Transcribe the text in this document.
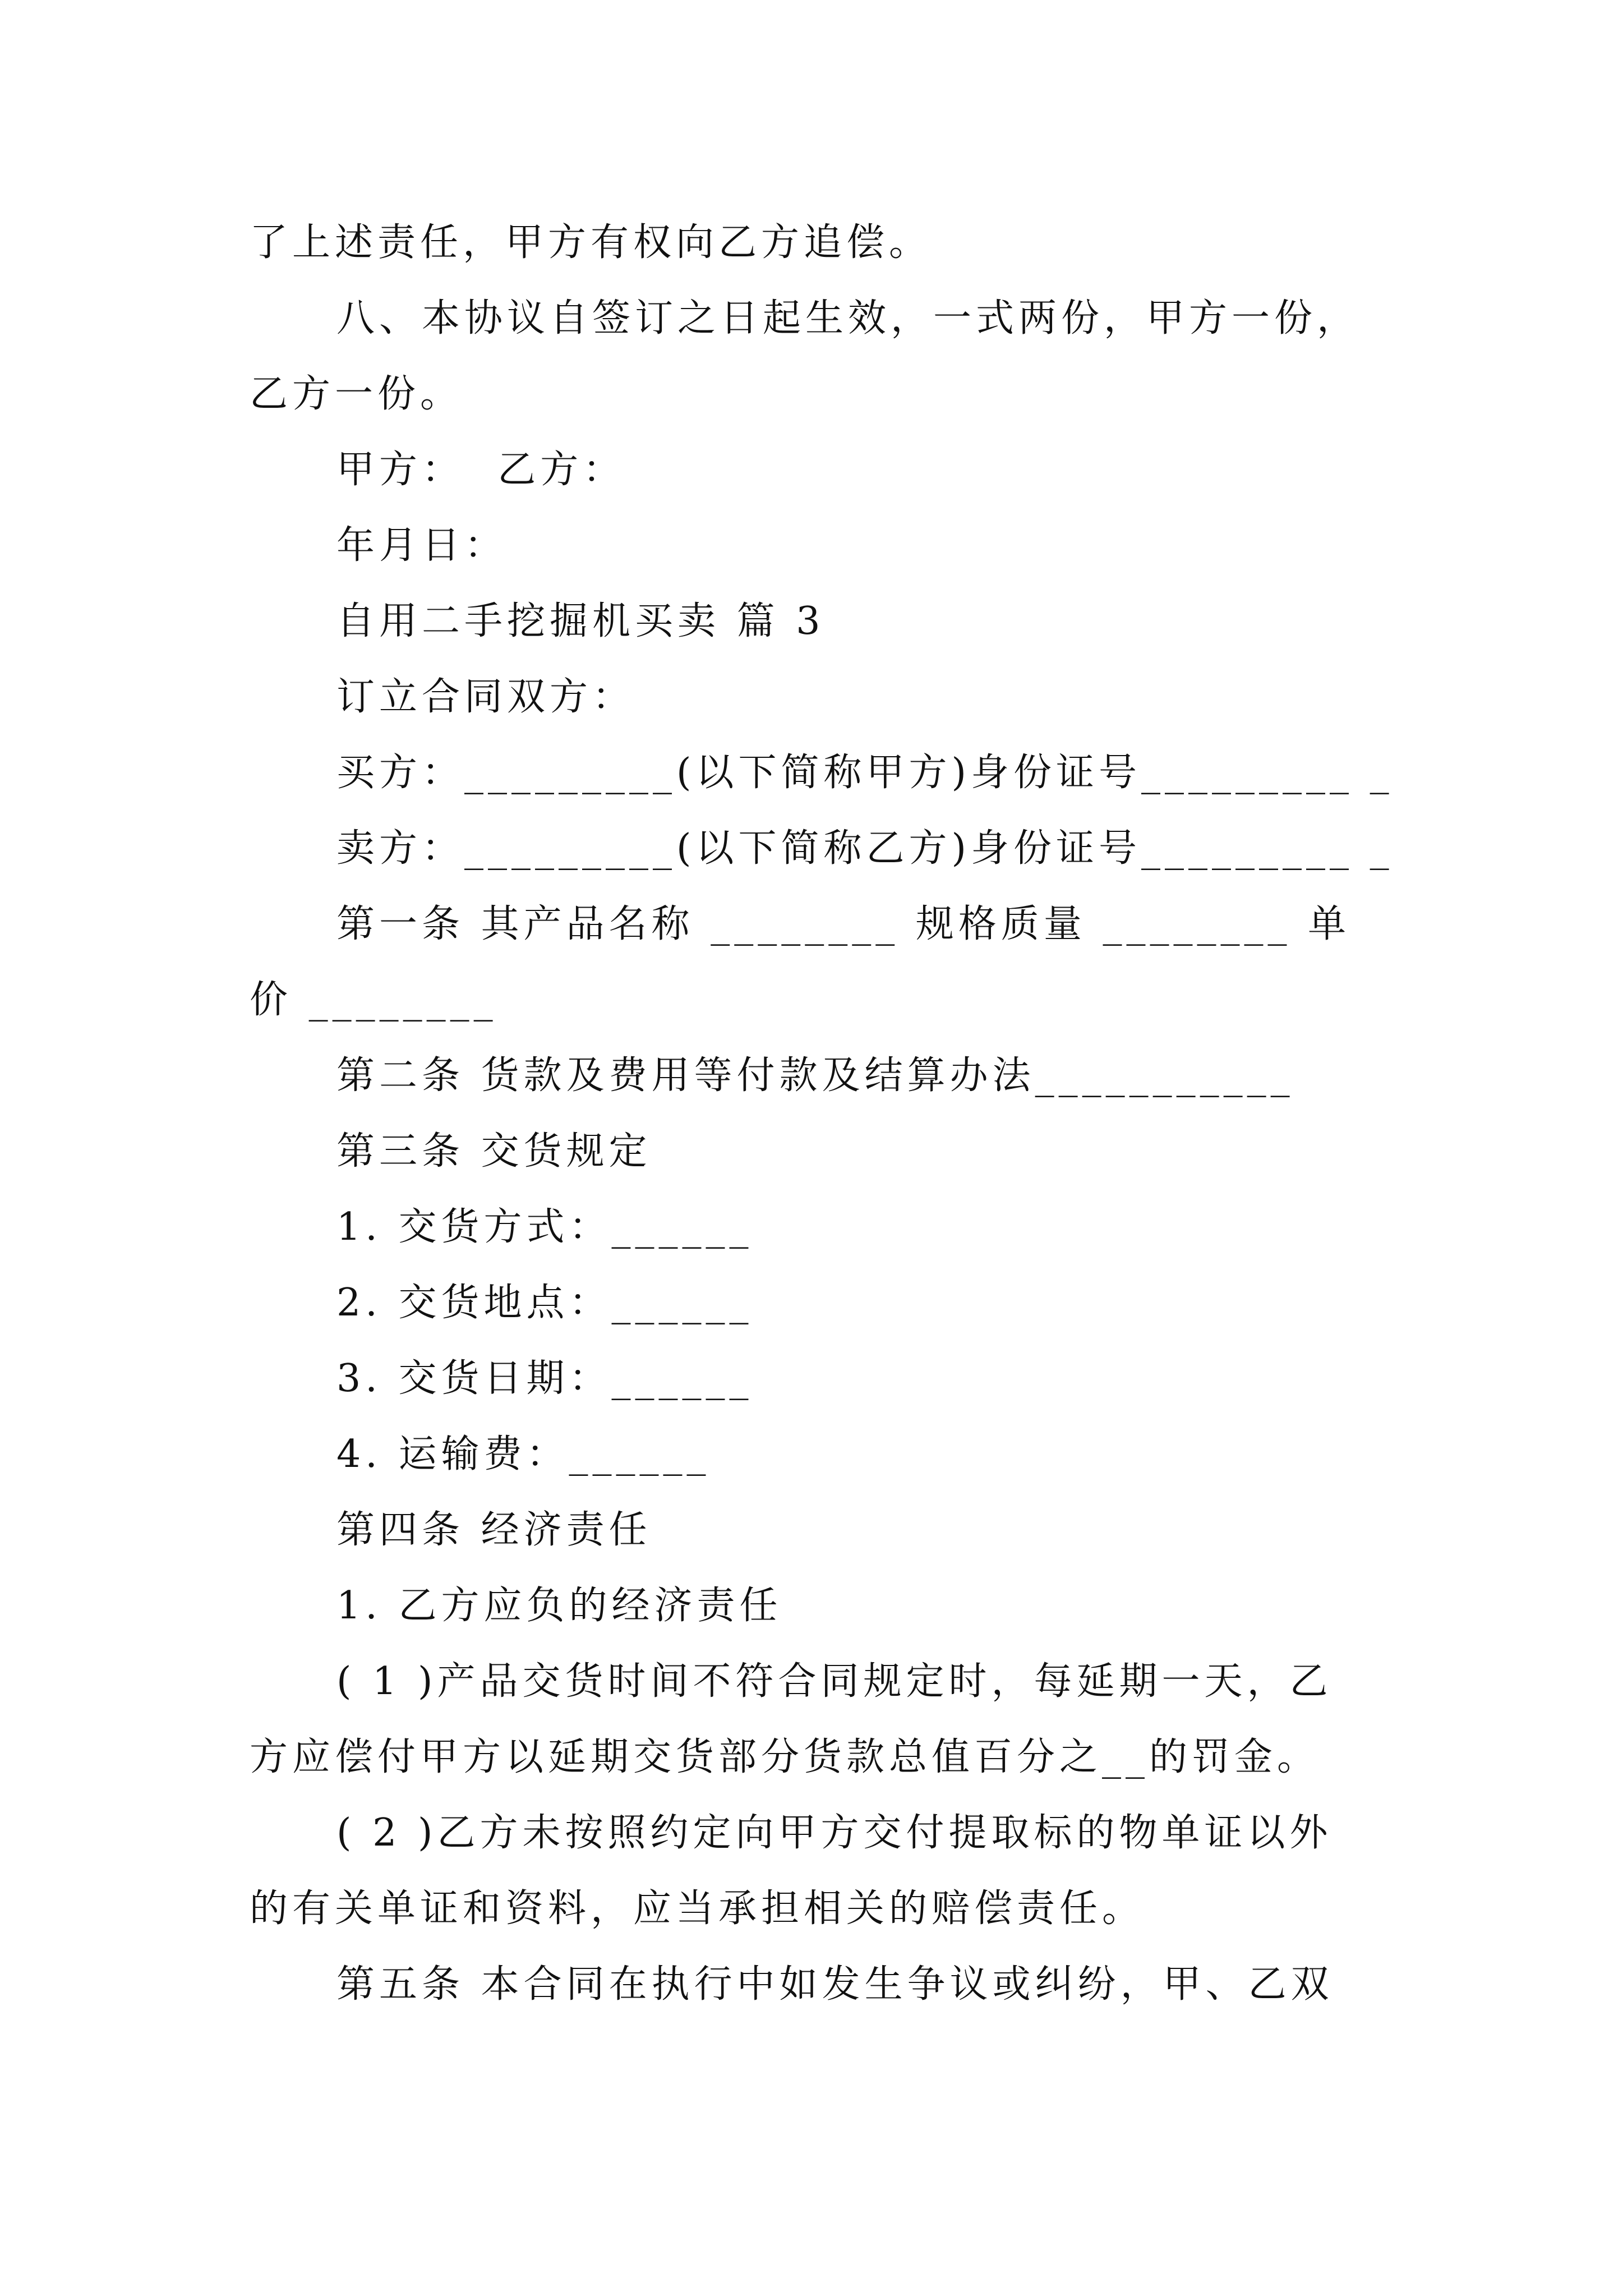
了上述责任，甲方有权向乙方追偿。
八、本协议自签订之日起生效，一式两份，甲方一份，
乙方一份。
甲方：  乙方：
年月日：
自用二手挖掘机买卖 篇 3
订立合同双方：
买方：_________(以下简称甲方)身份证号_________ _
卖方：_________(以下简称乙方)身份证号_________ _
第一条 其产品名称 ________ 规格质量 ________ 单
价 ________
第二条 货款及费用等付款及结算办法___________
第三条 交货规定
1. 交货方式：______
2. 交货地点：______
3. 交货日期：______
4. 运输费：______
第四条 经济责任
1. 乙方应负的经济责任
( 1 )产品交货时间不符合同规定时，每延期一天，乙
方应偿付甲方以延期交货部分货款总值百分之__的罚金。
( 2 )乙方未按照约定向甲方交付提取标的物单证以外
的有关单证和资料，应当承担相关的赔偿责任。
第五条 本合同在执行中如发生争议或纠纷，甲、乙双
